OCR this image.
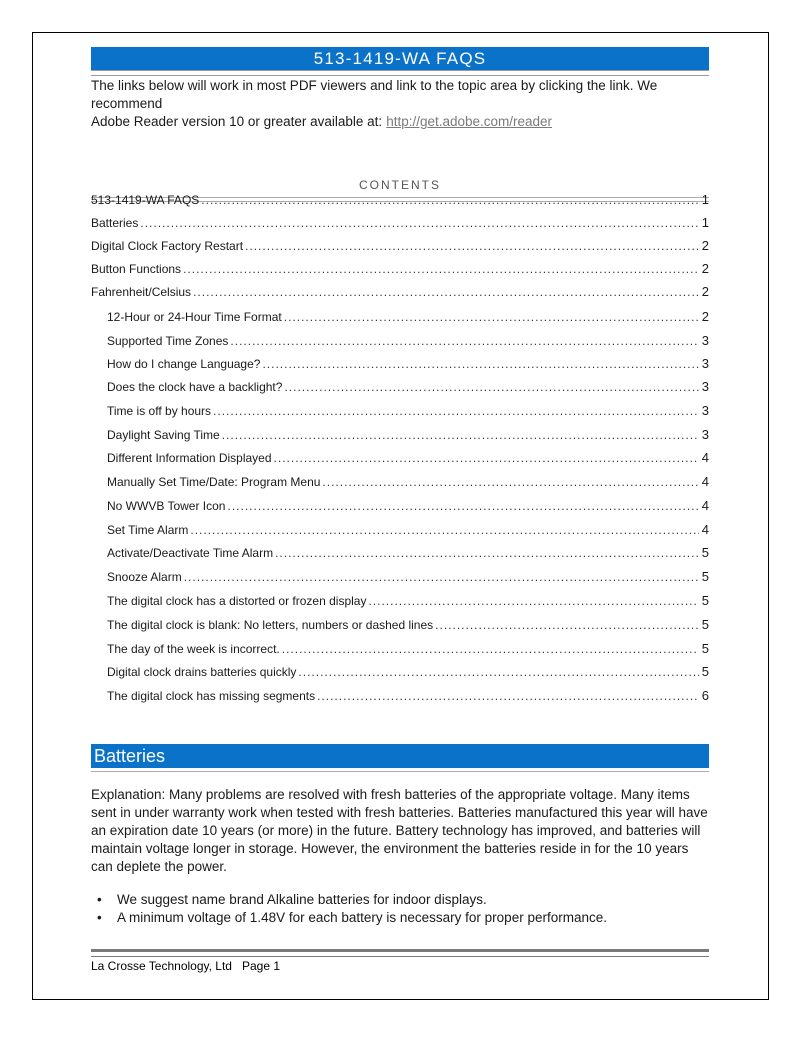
513-1419-WA FAQS
The links below will work in most PDF viewers and link to the topic area by clicking the link. We recommend
Adobe Reader version 10 or greater available at: http://get.adobe.com/reader
CONTENTS
513-1419-WA FAQS .....	1
Batteries .....	1
Digital Clock Factory Restart .....	2
Button Functions .....	2
Fahrenheit/Celsius .....	2
12-Hour or 24-Hour Time Format .....	2
Supported Time Zones .....	3
How do I change Language? .....	3
Does the clock have a backlight? .....	3
Time is off by hours .....	3
Daylight Saving Time .....	3
Different Information Displayed .....	4
Manually Set Time/Date: Program Menu .....	4
No WWVB Tower Icon .....	4
Set Time Alarm .....	4
Activate/Deactivate Time Alarm .....	5
Snooze Alarm .....	5
The digital clock has a distorted or frozen display .....	5
The digital clock is blank: No letters, numbers or dashed lines .....	5
The day of the week is incorrect. .....	5
Digital clock drains batteries quickly .....	5
The digital clock has missing segments .....	6
Batteries
Explanation: Many problems are resolved with fresh batteries of the appropriate voltage. Many items sent in under warranty work when tested with fresh batteries. Batteries manufactured this year will have an expiration date 10 years (or more) in the future. Battery technology has improved, and batteries will maintain voltage longer in storage. However, the environment the batteries reside in for the 10 years can deplete the power.
•	We suggest name brand Alkaline batteries for indoor displays.
•	A minimum voltage of 1.48V for each battery is necessary for proper performance.
La Crosse Technology, Ltd   Page 1
